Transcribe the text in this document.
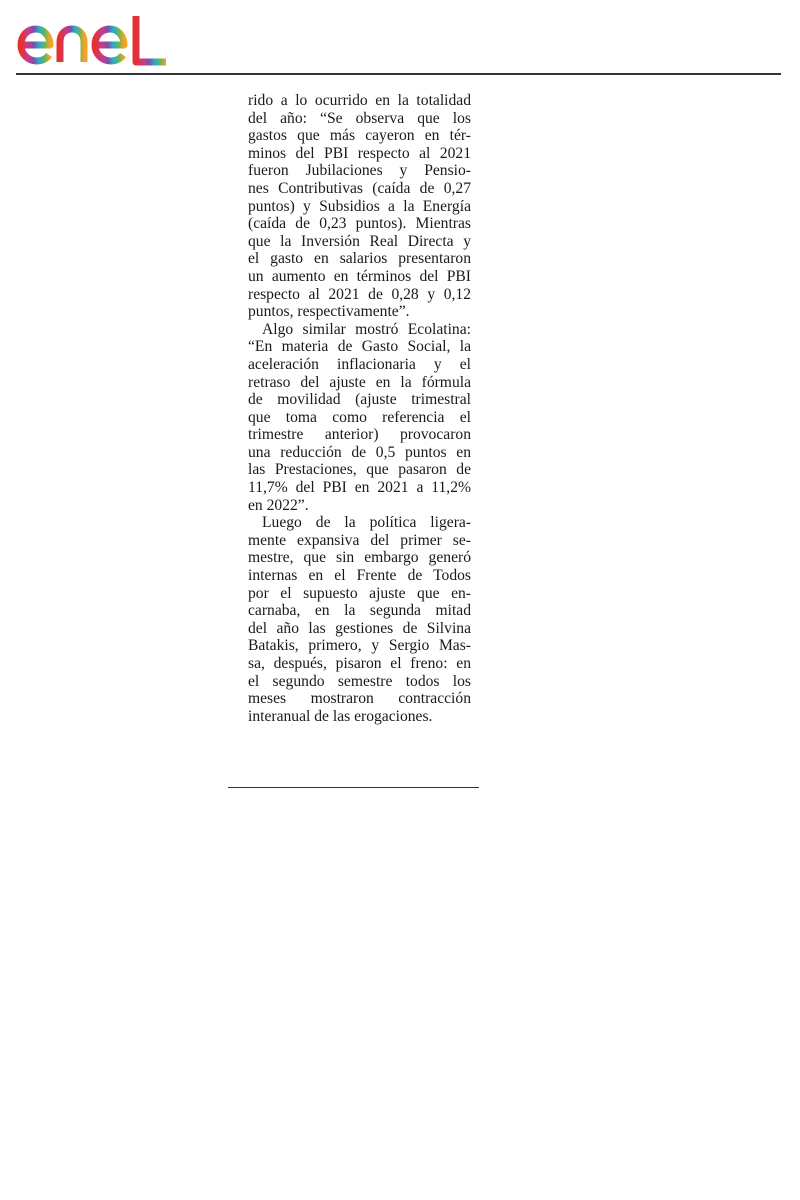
rido a lo ocurrido en la totalidad
del año: “Se observa que los
gastos que más cayeron en tér-
minos del PBI respecto al 2021
fueron Jubilaciones y Pensio-
nes Contributivas (caída de 0,27
puntos) y Subsidios a la Energía
(caída de 0,23 puntos). Mientras
que la Inversión Real Directa y
el gasto en salarios presentaron
un aumento en términos del PBI
respecto al 2021 de 0,28 y 0,12
puntos, respectivamente”.

Algo similar mostró Ecolatina:
“En materia de Gasto Social, la
aceleración inflacionaria y el
retraso del ajuste en la fórmula
de movilidad (ajuste trimestral
que toma como referencia el
trimestre anterior) provocaron
una reducción de 0,5 puntos en
las Prestaciones, que pasaron de
11,7% del PBI en 2021 a 11,2%
en 2022”.

Luego de la política ligera-
mente expansiva del primer se-
mestre, que sin embargo generó
internas en el Frente de Todos
por el supuesto ajuste que en-
carnaba, en la segunda mitad
del año las gestiones de Silvina
Batakis, primero, y Sergio Mas-
sa, después, pisaron el freno: en
el segundo semestre todos los
meses mostraron contracción
interanual de las erogaciones.
